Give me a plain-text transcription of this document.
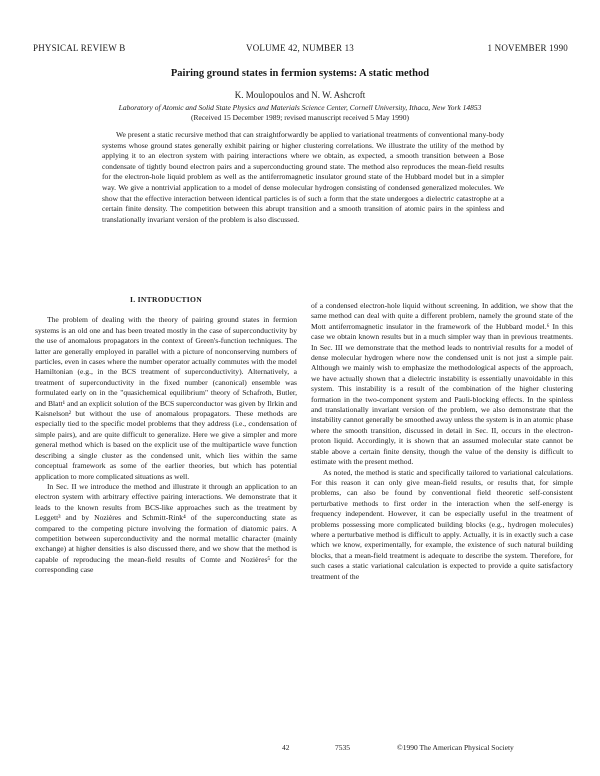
PHYSICAL REVIEW B	VOLUME 42, NUMBER 13	1 NOVEMBER 1990
Pairing ground states in fermion systems: A static method

K. Moulopoulos and N. W. Ashcroft

Laboratory of Atomic and Solid State Physics and Materials Science Center, Cornell University, Ithaca, New York 14853

(Received 15 December 1989; revised manuscript received 5 May 1990)

We present a static recursive method that can straightforwardly be applied to variational treatments of conventional many-body systems whose ground states generally exhibit pairing or higher clustering correlations. We illustrate the utility of the method by applying it to an electron system with pairing interactions where we obtain, as expected, a smooth transition between a Bose condensate of tightly bound electron pairs and a superconducting ground state. The method also reproduces the mean-field results for the electron-hole liquid problem as well as the antiferromagnetic insulator ground state of the Hubbard model but in a simpler way. We give a nontrivial application to a model of dense molecular hydrogen consisting of condensed generalized molecules. We show that the effective interaction between identical particles is of such a form that the state undergoes a dielectric catastrophe at a certain finite density. The competition between this abrupt transition and a smooth transition of atomic pairs in the spinless and translationally invariant version of the problem is also discussed.

I. INTRODUCTION

The problem of dealing with the theory of pairing ground states in fermion systems is an old one and has been treated mostly in the case of superconductivity by the use of anomalous propagators in the context of Green's-function techniques. The latter are generally employed in parallel with a picture of nonconserving numbers of particles, even in cases where the number operator actually commutes with the model Hamiltonian (e.g., in the BCS treatment of superconductivity). Alternatively, a treatment of superconductivity in the fixed number (canonical) ensemble was formulated early on in the "quasichemical equilibrium" theory of Schafroth, Butler, and Blatt¹ and an explicit solution of the BCS superconductor was given by Ilrkin and Kaisnelson² but without the use of anomalous propagators. These methods are especially tied to the specific model problems that they address (i.e., condensation of simple pairs), and are quite difficult to generalize. Here we give a simpler and more general method which is based on the explicit use of the multiparticle wave function describing a single cluster as the condensed unit, which lies within the same conceptual framework as some of the earlier theories, but which has potential application to more complicated situations as well.

In Sec. II we introduce the method and illustrate it through an application to an electron system with arbitrary effective pairing interactions. We demonstrate that it leads to the known results from BCS-like approaches such as the treatment by Leggett³ and by Nozières and Schmitt-Rink⁴ of the superconducting state as compared to the competing picture involving the formation of diatomic pairs. A competition between superconductivity and the normal metallic character (mainly exchange) at higher densities is also discussed there, and we show that the method is capable of reproducing the mean-field results of Comte and Nozières⁵ for the corresponding case

of a condensed electron-hole liquid without screening. In addition, we show that the same method can deal with quite a different problem, namely the ground state of the Mott antiferromagnetic insulator in the framework of the Hubbard model.⁶ In this case we obtain known results but in a much simpler way than in previous treatments. In Sec. III we demonstrate that the method leads to nontrivial results for a model of dense molecular hydrogen where now the condensed unit is not just a simple pair. Although we mainly wish to emphasize the methodological aspects of the approach, we have actually shown that a dielectric instability is essentially unavoidable in this system. This instability is a result of the combination of the higher clustering formation in the two-component system and Pauli-blocking effects. In the spinless and translationally invariant version of the problem, we also demonstrate that the instability cannot generally be smoothed away unless the system is in an atomic phase where the smooth transition, discussed in detail in Sec. II, occurs in the electron-proton liquid. Accordingly, it is shown that an assumed molecular state cannot be stable above a certain finite density, though the value of the density is difficult to estimate with the present method.

As noted, the method is static and specifically tailored to variational calculations. For this reason it can only give mean-field results, or results that, for simple problems, can also be found by conventional field theoretic self-consistent perturbative methods to first order in the interaction when the self-energy is frequency independent. However, it can be especially useful in the treatment of problems possessing more complicated building blocks (e.g., hydrogen molecules) where a perturbative method is difficult to apply. Actually, it is in exactly such a case which we know, experimentally, for example, the existence of such natural building blocks, that a mean-field treatment is adequate to describe the system. Therefore, for such cases a static variational calculation is expected to provide a quite satisfactory treatment of the

42	7535	©1990 The American Physical Society
